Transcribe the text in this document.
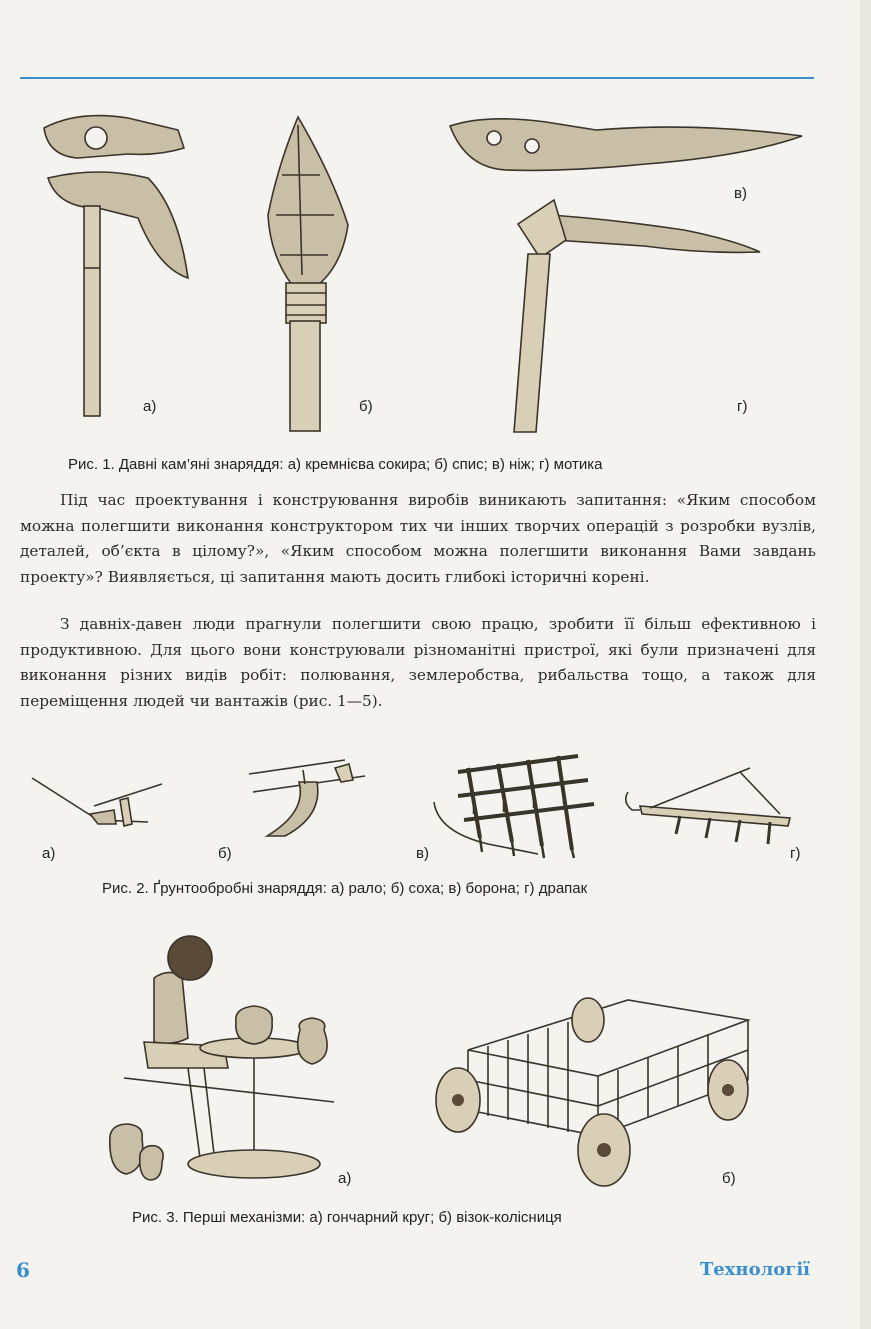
а)	б)
в)
г)
Рис. 1. Давні кам’яні знаряддя: а) кремнієва сокира; б) спис; в) ніж; г) мотика

Під час проектування і конструювання виробів виникають запитання: «Яким способом можна полегшити виконання конструктором тих чи інших творчих операцій з розробки вузлів, деталей, об’єкта в цілому?», «Яким способом можна полегшити виконання Вами завдань проекту»? Виявляється, ці запитання мають досить глибокі історичні корені.

З давніх-давен люди прагнули полегшити свою працю, зробити її більш ефективною і продуктивною. Для цього вони конструювали різноманітні пристрої, які були призначені для виконання різних видів робіт: полювання, землеробства, рибальства тощо, а також для переміщення людей чи вантажів (рис. 1—5).

а)	б)	в)	г)
Рис. 2. Ґрунтообробні знаряддя: а) рало; б) соха; в) борона; г) драпак
а)	б)
Рис. 3. Перші механізми: а) гончарний круг; б) візок-колісниця
6	Технології
